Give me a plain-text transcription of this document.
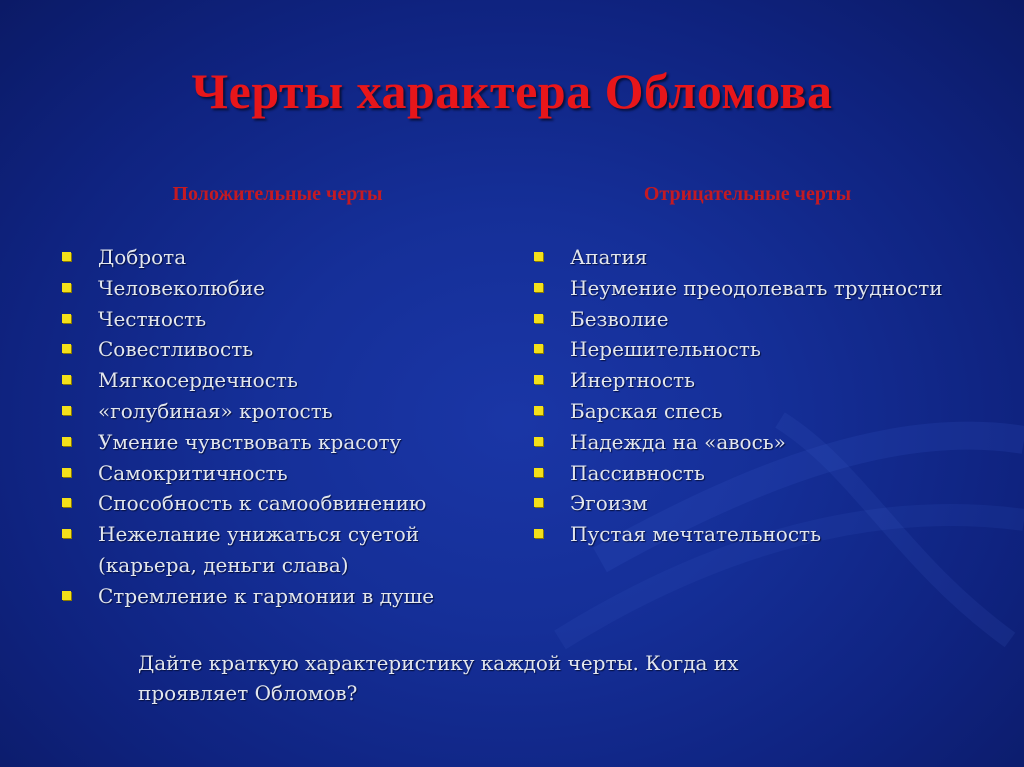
Черты характера Обломова
Положительные черты	Отрицательные черты
Доброта
Человеколюбие
Честность
Совестливость
Мягкосердечность
«голубиная» кротость
Умение чувствовать красоту
Самокритичность
Способность к самообвинению
Нежелание унижаться суетой (карьера, деньги слава)
Стремление к гармонии в душе
Апатия
Неумение преодолевать трудности
Безволие
Нерешительность
Инертность
Барская спесь
Надежда на «авось»
Пассивность
Эгоизм
Пустая мечтательность
Дайте краткую характеристику каждой черты. Когда их проявляет Обломов?
